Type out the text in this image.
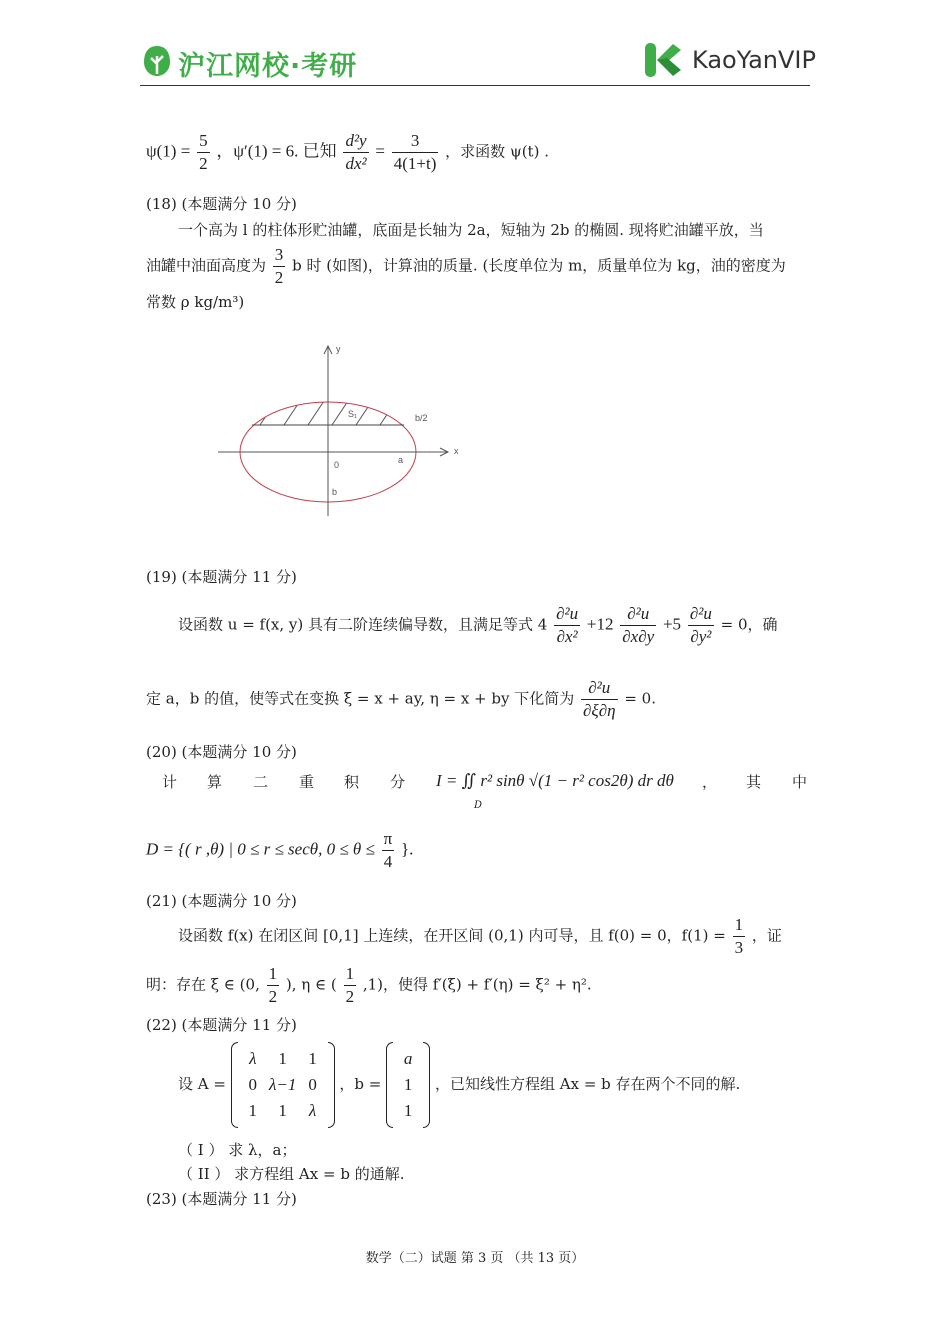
沪江网校·考研	KaoYanVIP
$\psi(1) = \frac{5}{2}$ ，ψ′(1) = 6. 已知 $\frac{\text{d²y}}{\text{dx²}} = \frac{3}{4(1+t)}$ ，求函数 ψ(t) .
(18) (本题满分 10 分)
一个高为 l 的柱体形贮油罐，底面是长轴为 2a，短轴为 2b 的椭圆. 现将贮油罐平放，当
油罐中油面高度为 $\frac{3}{2}$ b 时 (如图)，计算油的质量. (长度单位为 m，质量单位为 kg，油的密度为
常数 ρ kg/m³)
y
x
S₁	b/2
0	a
b
(19) (本题满分 11 分)
设函数 u = f(x, y) 具有二阶连续偏导数，且满足等式 $4 \frac{\text{∂²u}}{\text{∂x²}} +12 \frac{\text{∂²u}}{\partial x\partial y} +5 \frac{\text{∂²u}}{\text{∂y²}} = 0$，确
定 a，b 的值，使等式在变换 ξ = x + ay, η = x + by 下化简为 $\frac{\text{∂²u}}{\partial\xi\partial\eta} = 0$.
(20) (本题满分 10 分)
计 算 二 重 积 分 I = ∬ r² sinθ √(1 − r² cos2θ) dr dθ
D
， 其 中
D = {( r ,θ) | 0 ≤ r ≤ secθ, $0 \le \theta \le \frac{\pi}{4}$ }.
(21) (本题满分 10 分)
设函数 f(x) 在闭区间 [0,1] 上连续，在开区间 (0,1) 内可导，且 f(0) = 0，$f(1) = \frac{1}{3}$ ，证
明：存在 ξ ∈ (0, $\frac{1}{2}$ ), η ∈ ( $\frac{1}{2} ,1$)，使得 f′(ξ) + f′(η) = ξ² + η².
(22) (本题满分 11 分)
设 A =
λ	1	1
0	λ−1	0
1	1	λ
，b =
a
1
1
，已知线性方程组 Ax = b 存在两个不同的解.
（ I ） 求 λ，a；
（ II ） 求方程组 Ax = b 的通解.
(23) (本题满分 11 分)
数学（二）试题 第 3 页 （共 13 页）
